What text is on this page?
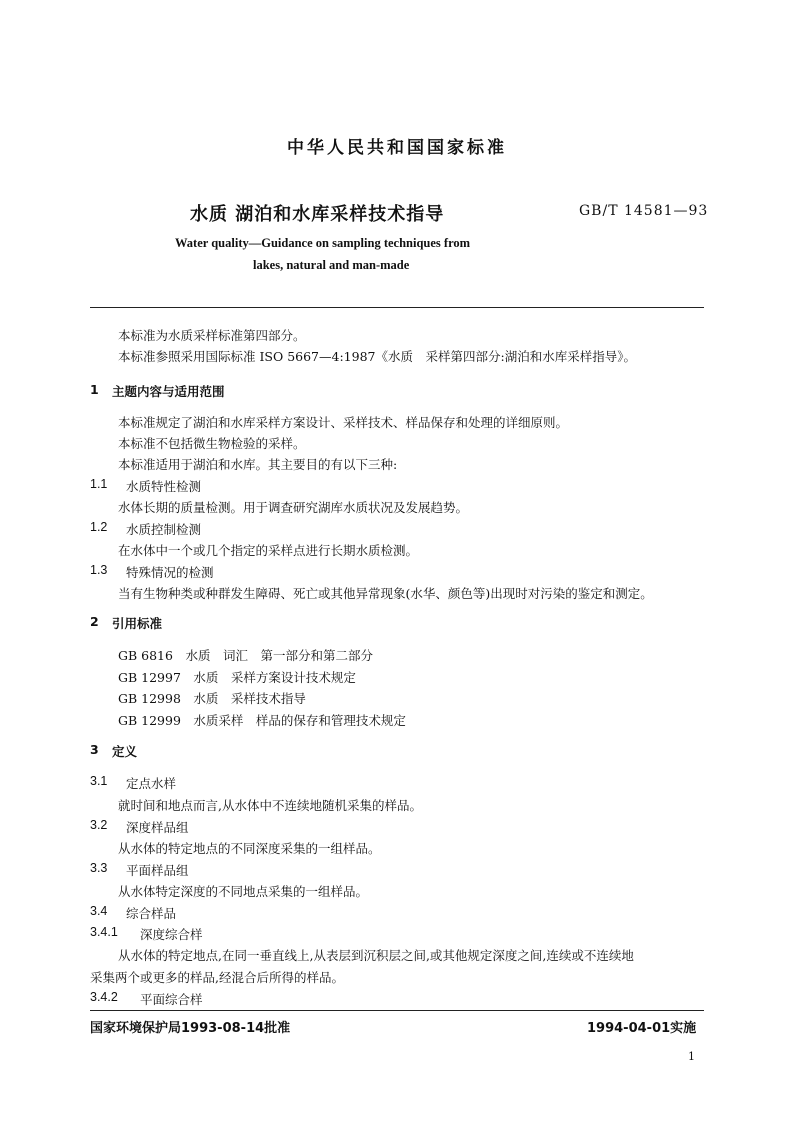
中华人民共和国国家标准
水质 湖泊和水库采样技术指导	GB/T 14581—93
Water quality—Guidance on sampling techniques from
lakes, natural and man-made
本标准为水质采样标准第四部分。
本标准参照采用国际标准 ISO 5667—4:1987《水质　采样第四部分:湖泊和水库采样指导》。
1 主题内容与适用范围
本标准规定了湖泊和水库采样方案设计、采样技术、样品保存和处理的详细原则。
本标准不包括微生物检验的采样。
本标准适用于湖泊和水库。其主要目的有以下三种:
1.1 水质特性检测
水体长期的质量检测。用于调查研究湖库水质状况及发展趋势。
1.2 水质控制检测
在水体中一个或几个指定的采样点进行长期水质检测。
1.3 特殊情况的检测
当有生物种类或种群发生障碍、死亡或其他异常现象(水华、颜色等)出现时对污染的鉴定和测定。
2 引用标准
GB 6816　水质　词汇　第一部分和第二部分
GB 12997　水质　采样方案设计技术规定
GB 12998　水质　采样技术指导
GB 12999　水质采样　样品的保存和管理技术规定
3 定义
3.1 定点水样
就时间和地点而言,从水体中不连续地随机采集的样品。
3.2 深度样品组
从水体的特定地点的不同深度采集的一组样品。
3.3 平面样品组
从水体特定深度的不同地点采集的一组样品。
3.4 综合样品
3.4.1 深度综合样
从水体的特定地点,在同一垂直线上,从表层到沉积层之间,或其他规定深度之间,连续或不连续地
采集两个或更多的样品,经混合后所得的样品。
3.4.2 平面综合样
国家环境保护局1993-08-14批准	1994-04-01实施
1
